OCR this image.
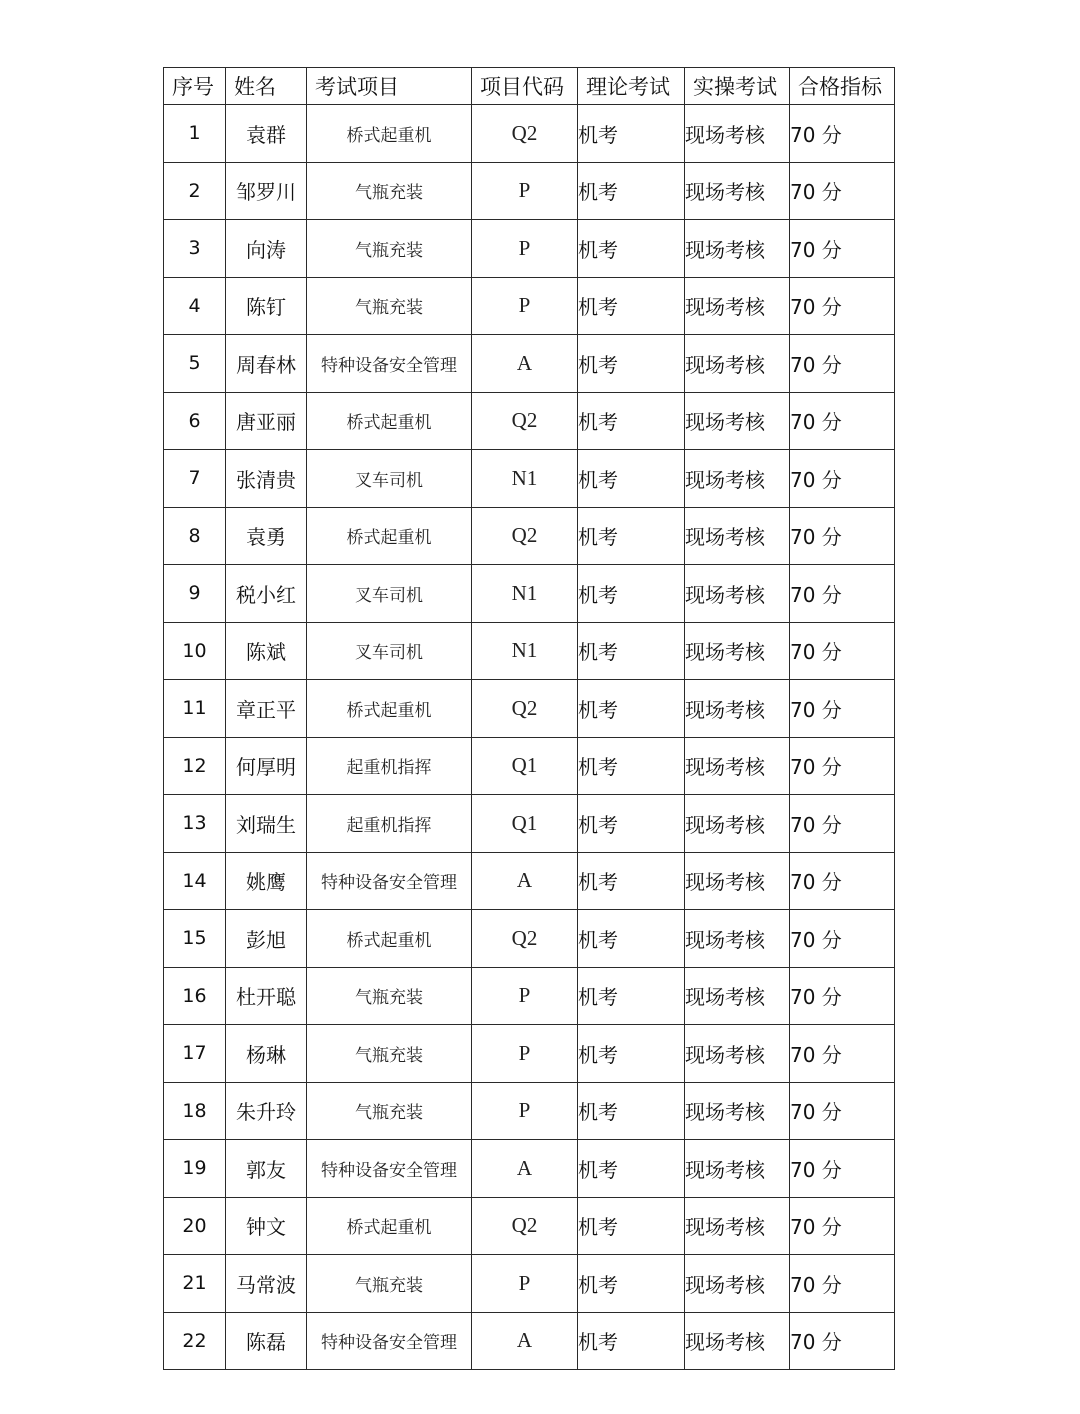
序号	姓名	考试项目	项目代码	理论考试	实操考试	合格指标
1	袁群	桥式起重机	Q2	机考	现场考核	70 分
2	邹罗川	气瓶充装	P	机考	现场考核	70 分
3	向涛	气瓶充装	P	机考	现场考核	70 分
4	陈钉	气瓶充装	P	机考	现场考核	70 分
5	周春林	特种设备安全管理	A	机考	现场考核	70 分
6	唐亚丽	桥式起重机	Q2	机考	现场考核	70 分
7	张清贵	叉车司机	N1	机考	现场考核	70 分
8	袁勇	桥式起重机	Q2	机考	现场考核	70 分
9	税小红	叉车司机	N1	机考	现场考核	70 分
10	陈斌	叉车司机	N1	机考	现场考核	70 分
11	章正平	桥式起重机	Q2	机考	现场考核	70 分
12	何厚明	起重机指挥	Q1	机考	现场考核	70 分
13	刘瑞生	起重机指挥	Q1	机考	现场考核	70 分
14	姚鹰	特种设备安全管理	A	机考	现场考核	70 分
15	彭旭	桥式起重机	Q2	机考	现场考核	70 分
16	杜开聪	气瓶充装	P	机考	现场考核	70 分
17	杨琳	气瓶充装	P	机考	现场考核	70 分
18	朱升玲	气瓶充装	P	机考	现场考核	70 分
19	郭友	特种设备安全管理	A	机考	现场考核	70 分
20	钟文	桥式起重机	Q2	机考	现场考核	70 分
21	马常波	气瓶充装	P	机考	现场考核	70 分
22	陈磊	特种设备安全管理	A	机考	现场考核	70 分
